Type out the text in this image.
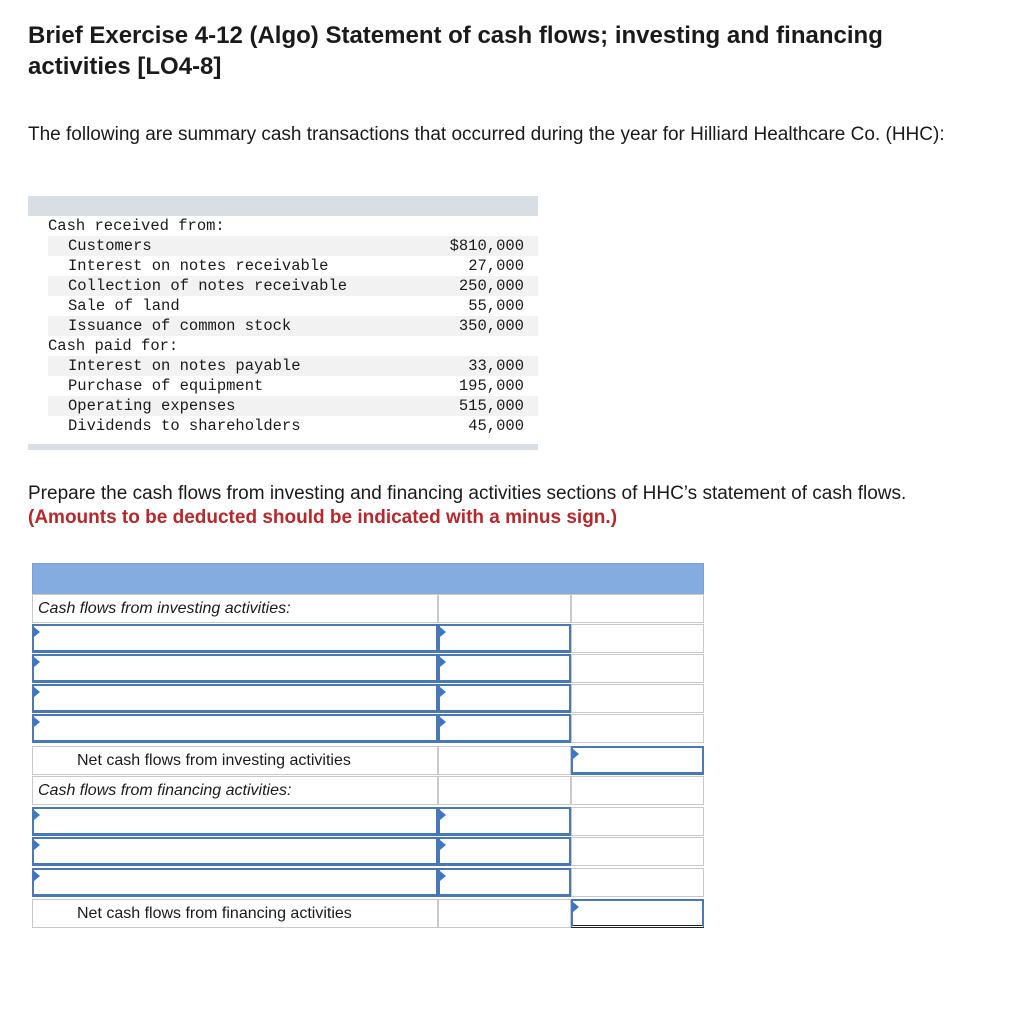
Brief Exercise 4-12 (Algo) Statement of cash flows; investing and financing activities [LO4-8]

The following are summary cash transactions that occurred during the year for Hilliard Healthcare Co. (HHC):

Cash received from:
Customers	$810,000
Interest on notes receivable	27,000
Collection of notes receivable	250,000
Sale of land	55,000
Issuance of common stock	350,000
Cash paid for:
Interest on notes payable	33,000
Purchase of equipment	195,000
Operating expenses	515,000
Dividends to shareholders	45,000

Prepare the cash flows from investing and financing activities sections of HHC’s statement of cash flows. (Amounts to be deducted should be indicated with a minus sign.)

Cash flows from investing activities:
Net cash flows from investing activities
Cash flows from financing activities:
Net cash flows from financing activities
